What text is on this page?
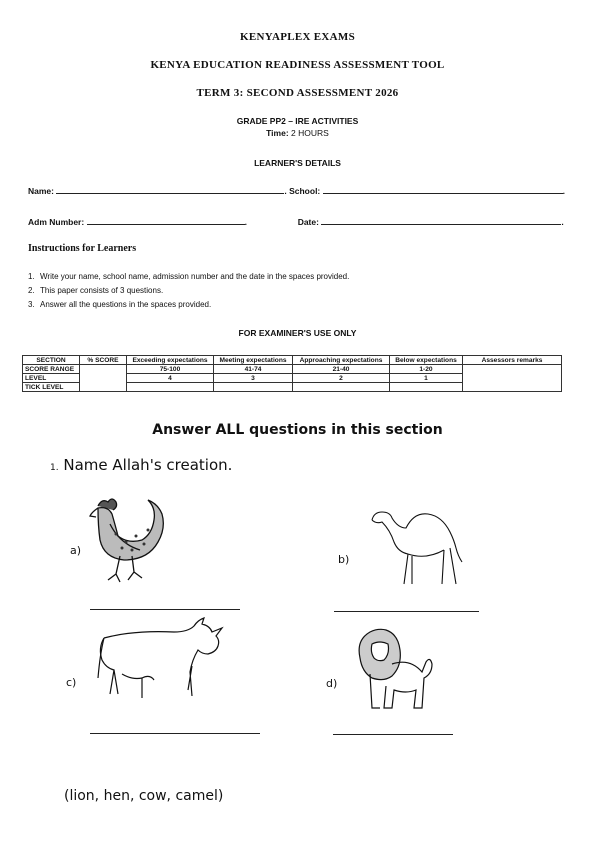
KENYAPLEX EXAMS
KENYA EDUCATION READINESS ASSESSMENT TOOL
TERM 3: SECOND ASSESSMENT 2026
GRADE PP2 – IRE ACTIVITIES
Time: 2 HOURS
LEARNER'S DETAILS
Name:	. School:	.
Adm Number:	.	Date:	.
Instructions for Learners
1. Write your name, school name, admission number and the date in the spaces provided.
2. This paper consists of 3 questions.
3. Answer all the questions in the spaces provided.
FOR EXAMINER'S USE ONLY
SECTION	% SCORE	Exceeding expectations	Meeting expectations	Approaching expectations	Below expectations	Assessors remarks
SCORE RANGE		75-100	41-74	21-40	1-20	
LEVEL		4	3	2	1	
TICK LEVEL						
Answer ALL questions in this section
1. Name Allah's creation.
a)
b)
c)	d)
(lion, hen, cow, camel)
